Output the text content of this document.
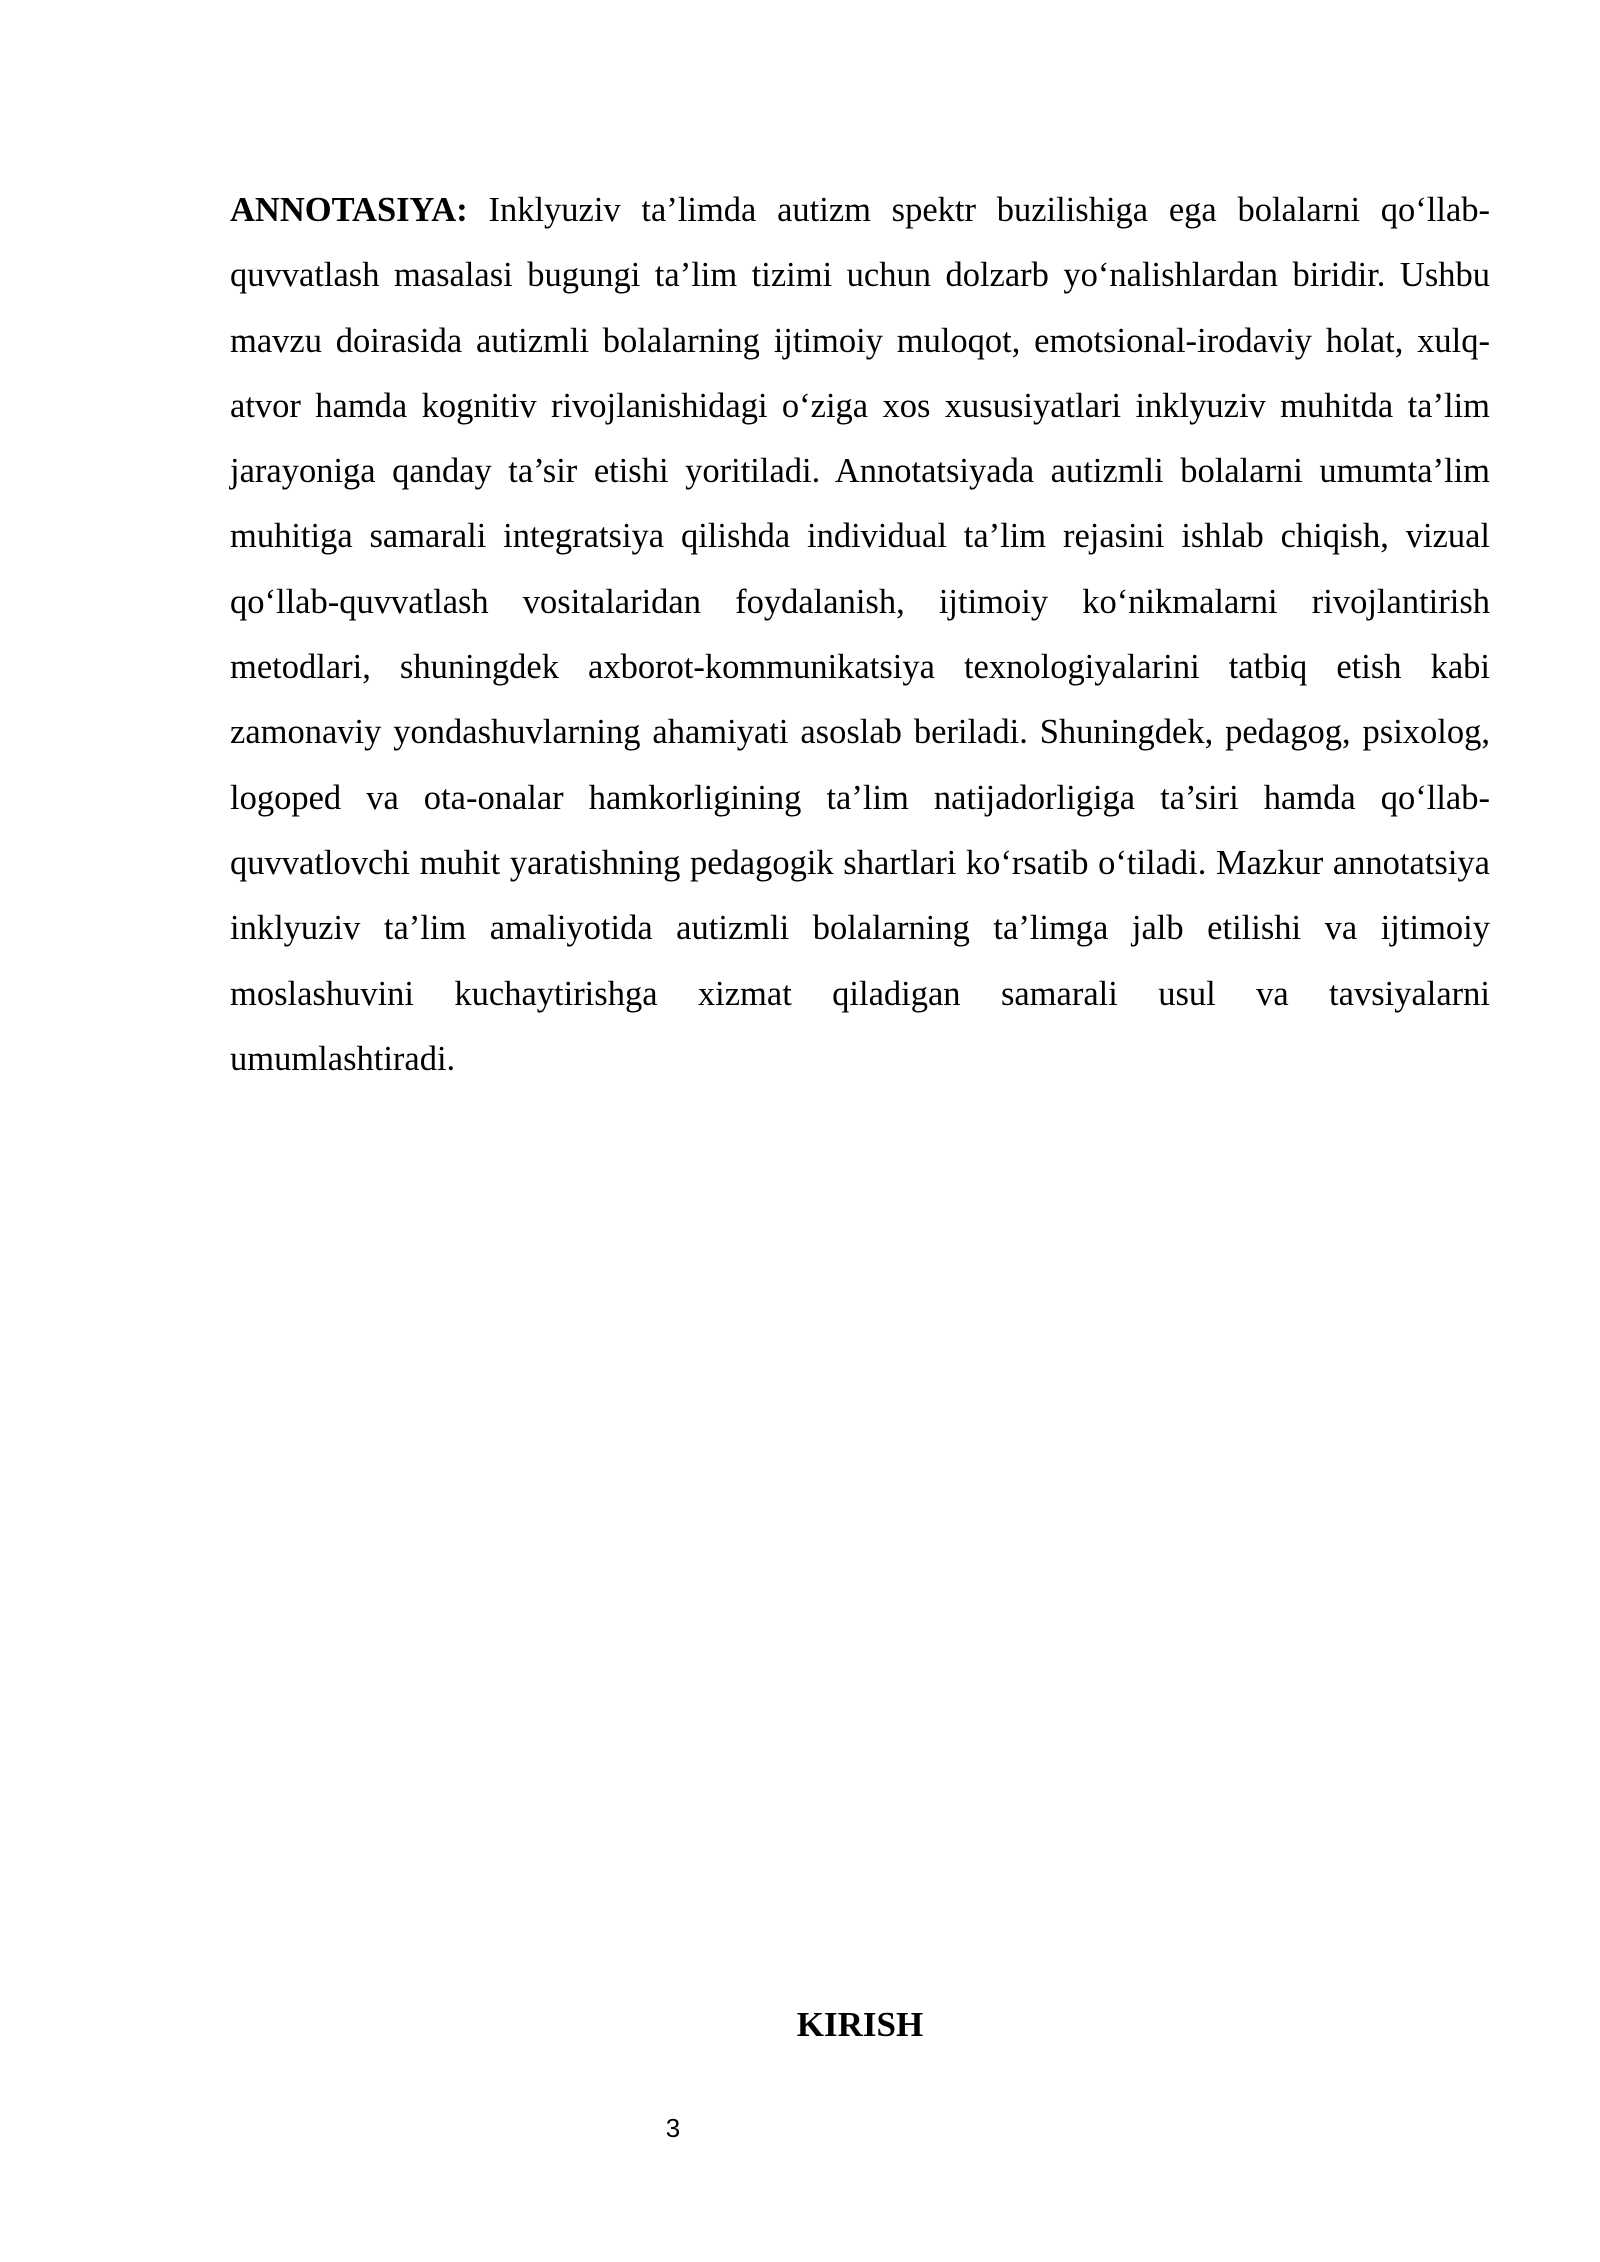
ANNOTASIYA: Inklyuziv ta’limda autizm spektr buzilishiga ega bolalarni qo‘llab-quvvatlash masalasi bugungi ta’lim tizimi uchun dolzarb yo‘nalishlardan biridir. Ushbu mavzu doirasida autizmli bolalarning ijtimoiy muloqot, emotsional-irodaviy holat, xulq-atvor hamda kognitiv rivojlanishidagi o‘ziga xos xususiyatlari inklyuziv muhitda ta’lim jarayoniga qanday ta’sir etishi yoritiladi. Annotatsiyada autizmli bolalarni umumta’lim muhitiga samarali integratsiya qilishda individual ta’lim rejasini ishlab chiqish, vizual qo‘llab-quvvatlash vositalaridan foydalanish, ijtimoiy ko‘nikmalarni rivojlantirish metodlari, shuningdek axborot-kommunikatsiya texnologiyalarini tatbiq etish kabi zamonaviy yondashuvlarning ahamiyati asoslab beriladi. Shuningdek, pedagog, psixolog, logoped va ota-onalar hamkorligining ta’lim natijadorligiga ta’siri hamda qo‘llab-quvvatlovchi muhit yaratishning pedagogik shartlari ko‘rsatib o‘tiladi. Mazkur annotatsiya inklyuziv ta’lim amaliyotida autizmli bolalarning ta’limga jalb etilishi va ijtimoiy moslashuvini kuchaytirishga xizmat qiladigan samarali usul va tavsiyalarni umumlashtiradi.

KIRISH
3
